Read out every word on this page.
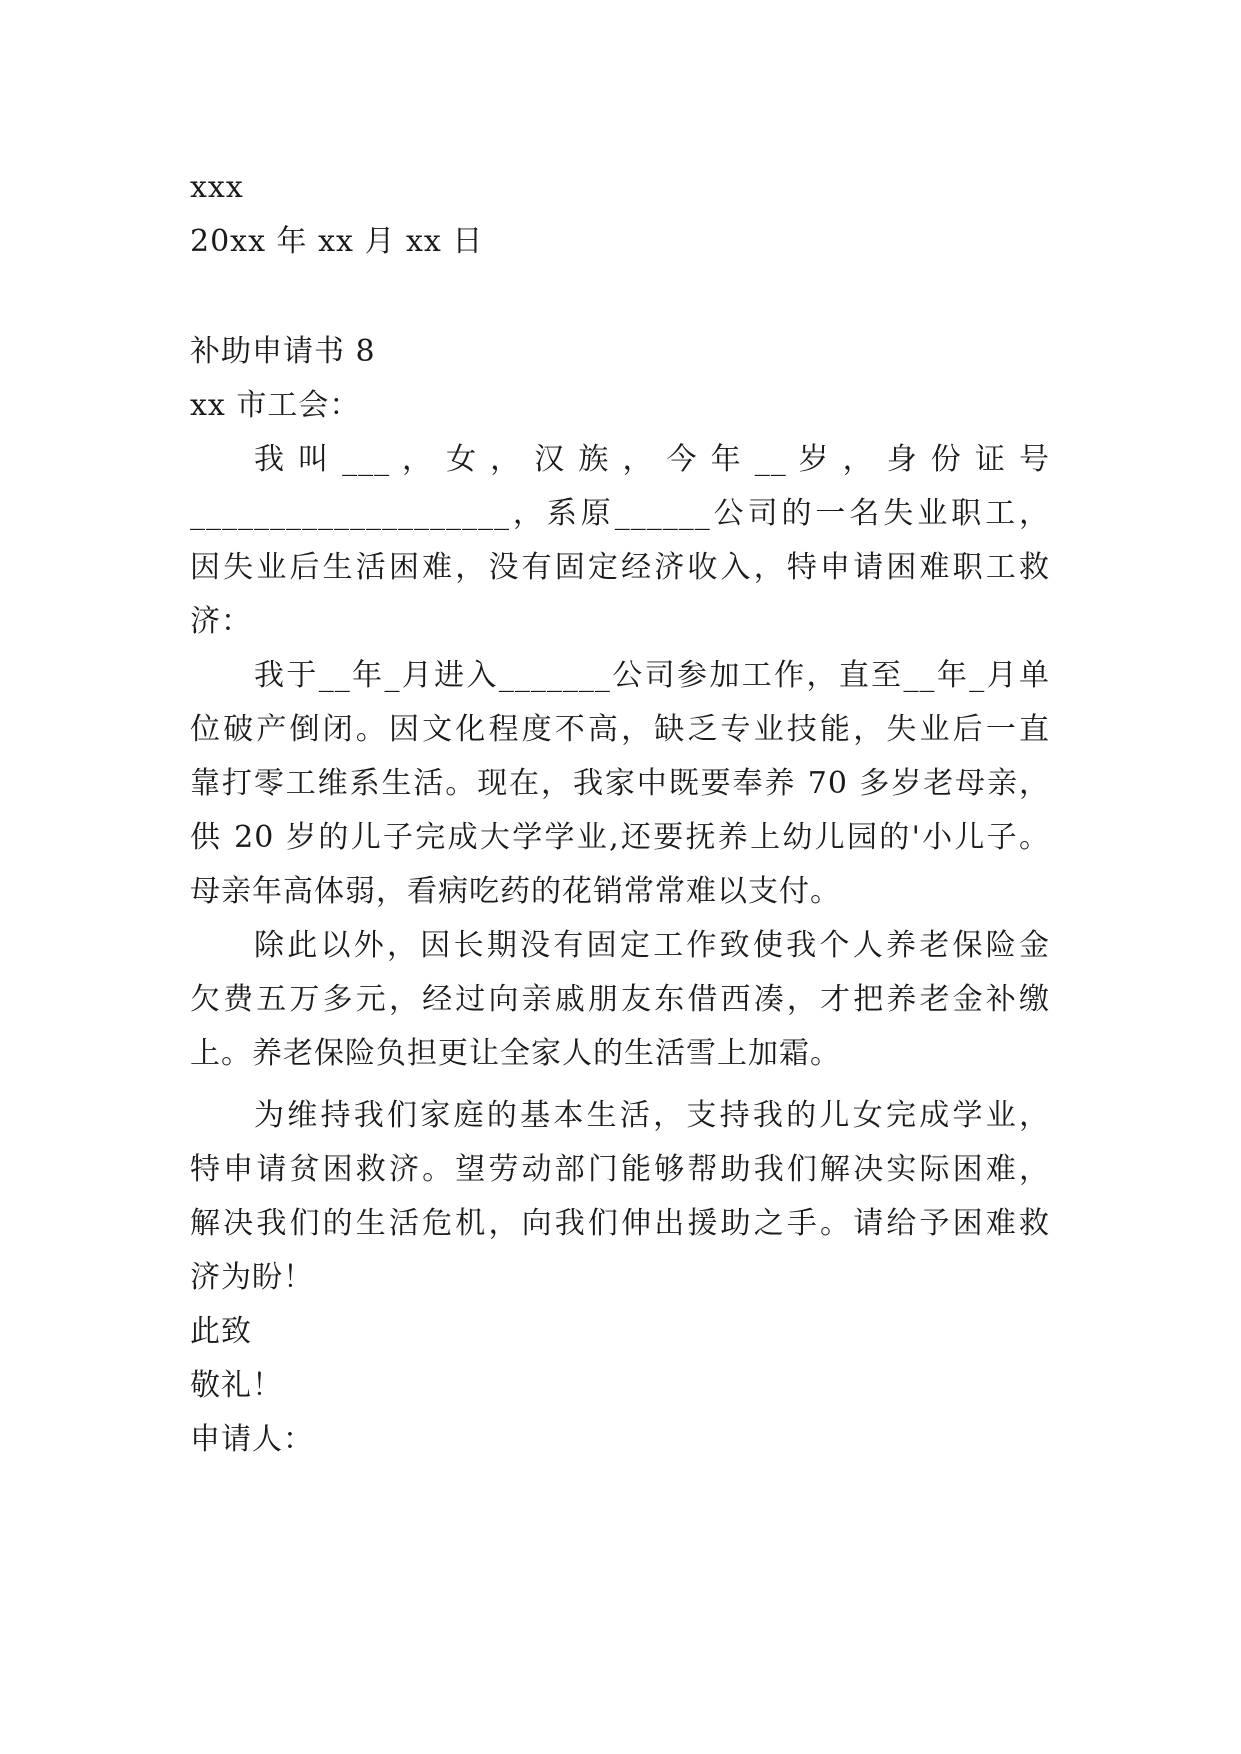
xxx
20xx 年 xx 月 xx 日
补助申请书 8
xx 市工会：
我 叫 ___ ， 女 ， 汉 族 ， 今 年 __ 岁 ， 身 份 证 号
____________________，系原______公司的一名失业职工，
因失业后生活困难，没有固定经济收入，特申请困难职工救
济：
我于__年_月进入_______公司参加工作，直至__年_月单
位破产倒闭。因文化程度不高，缺乏专业技能，失业后一直
靠打零工维系生活。现在，我家中既要奉养 70 多岁老母亲，
供 20 岁的儿子完成大学学业,还要抚养上幼儿园的'小儿子。
母亲年高体弱，看病吃药的花销常常难以支付。
除此以外，因长期没有固定工作致使我个人养老保险金
欠费五万多元，经过向亲戚朋友东借西凑，才把养老金补缴
上。养老保险负担更让全家人的生活雪上加霜。
为维持我们家庭的基本生活，支持我的儿女完成学业，
特申请贫困救济。望劳动部门能够帮助我们解决实际困难，
解决我们的生活危机，向我们伸出援助之手。请给予困难救
济为盼！
此致
敬礼！
申请人：
